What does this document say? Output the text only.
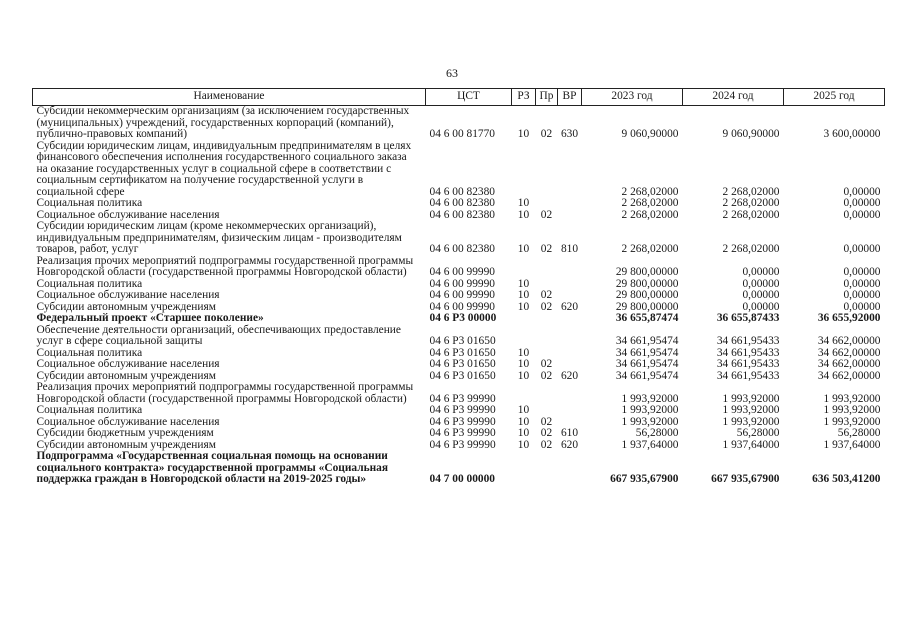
63
Наименование	ЦСТ	РЗ	Пр	ВР	2023 год	2024 год	2025 год
Субсидии некоммерческим организациям (за исключением государственных (муниципальных) учреждений, государственных корпораций (компаний), публично-правовых компаний)	04 6 00 81770	10	02	630	9 060,90000	9 060,90000	3 600,00000
Субсидии юридическим лицам, индивидуальным предпринимателям в целях финансового обеспечения исполнения государственного социального заказа на оказание государственных услуг в социальной сфере в соответствии с социальным сертификатом на получение государственной услуги в социальной сфере	04 6 00 82380				2 268,02000	2 268,02000	0,00000
Социальная политика	04 6 00 82380	10			2 268,02000	2 268,02000	0,00000
Социальное обслуживание населения	04 6 00 82380	10	02		2 268,02000	2 268,02000	0,00000
Субсидии юридическим лицам (кроме некоммерческих организаций), индивидуальным предпринимателям, физическим лицам - производителям товаров, работ, услуг	04 6 00 82380	10	02	810	2 268,02000	2 268,02000	0,00000
Реализация прочих мероприятий подпрограммы государственной программы Новгородской области (государственной программы Новгородской области)	04 6 00 99990				29 800,00000	0,00000	0,00000
Социальная политика	04 6 00 99990	10			29 800,00000	0,00000	0,00000
Социальное обслуживание населения	04 6 00 99990	10	02		29 800,00000	0,00000	0,00000
Субсидии автономным учреждениям	04 6 00 99990	10	02	620	29 800,00000	0,00000	0,00000
Федеральный проект «Старшее поколение»	04 6 P3 00000				36 655,87474	36 655,87433	36 655,92000
Обеспечение деятельности организаций, обеспечивающих предоставление услуг в сфере социальной защиты	04 6 P3 01650				34 661,95474	34 661,95433	34 662,00000
Социальная политика	04 6 P3 01650	10			34 661,95474	34 661,95433	34 662,00000
Социальное обслуживание населения	04 6 P3 01650	10	02		34 661,95474	34 661,95433	34 662,00000
Субсидии автономным учреждениям	04 6 P3 01650	10	02	620	34 661,95474	34 661,95433	34 662,00000
Реализация прочих мероприятий подпрограммы государственной программы Новгородской области (государственной программы Новгородской области)	04 6 P3 99990				1 993,92000	1 993,92000	1 993,92000
Социальная политика	04 6 P3 99990	10			1 993,92000	1 993,92000	1 993,92000
Социальное обслуживание населения	04 6 P3 99990	10	02		1 993,92000	1 993,92000	1 993,92000
Субсидии бюджетным учреждениям	04 6 P3 99990	10	02	610	56,28000	56,28000	56,28000
Субсидии автономным учреждениям	04 6 P3 99990	10	02	620	1 937,64000	1 937,64000	1 937,64000
Подпрограмма «Государственная социальная помощь на основании социального контракта» государственной программы «Социальная поддержка граждан в Новгородской области на 2019-2025 годы»	04 7 00 00000				667 935,67900	667 935,67900	636 503,41200
